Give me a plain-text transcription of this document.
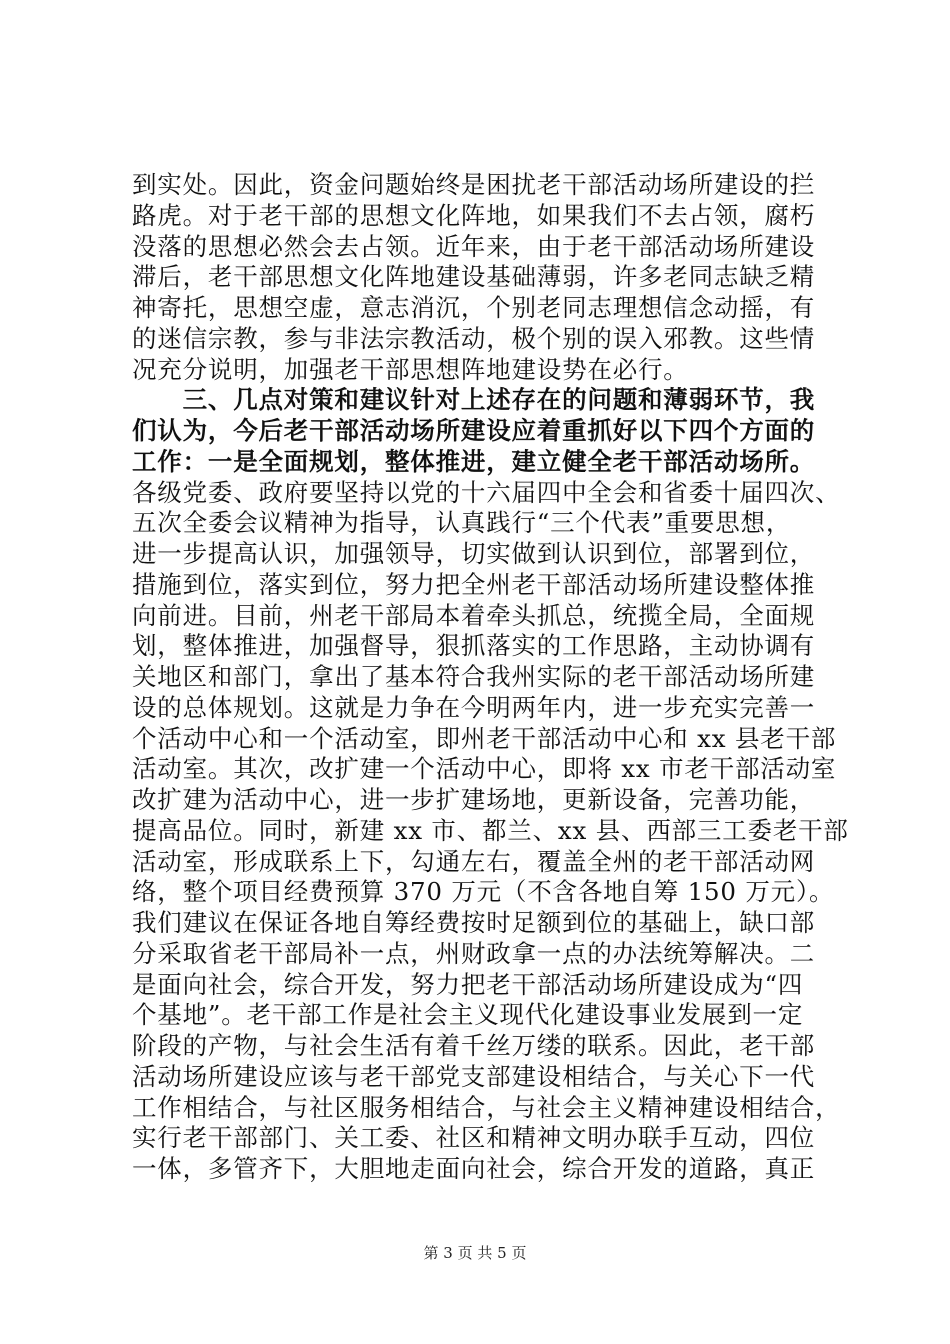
到实处。因此，资金问题始终是困扰老干部活动场所建设的拦
路虎。对于老干部的思想文化阵地，如果我们不去占领，腐朽
没落的思想必然会去占领。近年来，由于老干部活动场所建设
滞后，老干部思想文化阵地建设基础薄弱，许多老同志缺乏精
神寄托，思想空虚，意志消沉，个别老同志理想信念动摇，有
的迷信宗教，参与非法宗教活动，极个别的误入邪教。这些情
况充分说明，加强老干部思想阵地建设势在必行。
　　三、几点对策和建议针对上述存在的问题和薄弱环节，我
们认为，今后老干部活动场所建设应着重抓好以下四个方面的
工作：一是全面规划，整体推进，建立健全老干部活动场所。
各级党委、政府要坚持以党的十六届四中全会和省委十届四次、
五次全委会议精神为指导，认真践行“三个代表”重要思想，
进一步提高认识，加强领导，切实做到认识到位，部署到位，
措施到位，落实到位，努力把全州老干部活动场所建设整体推
向前进。目前，州老干部局本着牵头抓总，统揽全局，全面规
划，整体推进，加强督导，狠抓落实的工作思路，主动协调有
关地区和部门，拿出了基本符合我州实际的老干部活动场所建
设的总体规划。这就是力争在今明两年内，进一步充实完善一
个活动中心和一个活动室，即州老干部活动中心和 xx 县老干部
活动室。其次，改扩建一个活动中心，即将 xx 市老干部活动室
改扩建为活动中心，进一步扩建场地，更新设备，完善功能，
提高品位。同时，新建 xx 市、都兰、xx 县、西部三工委老干部
活动室，形成联系上下，勾通左右，覆盖全州的老干部活动网
络，整个项目经费预算 370 万元（不含各地自筹 150 万元）。
我们建议在保证各地自筹经费按时足额到位的基础上，缺口部
分采取省老干部局补一点，州财政拿一点的办法统筹解决。二
是面向社会，综合开发，努力把老干部活动场所建设成为“四
个基地”。老干部工作是社会主义现代化建设事业发展到一定
阶段的产物，与社会生活有着千丝万缕的联系。因此，老干部
活动场所建设应该与老干部党支部建设相结合，与关心下一代
工作相结合，与社区服务相结合，与社会主义精神建设相结合，
实行老干部部门、关工委、社区和精神文明办联手互动，四位
一体，多管齐下，大胆地走面向社会，综合开发的道路，真正
第 3 页 共 5 页
